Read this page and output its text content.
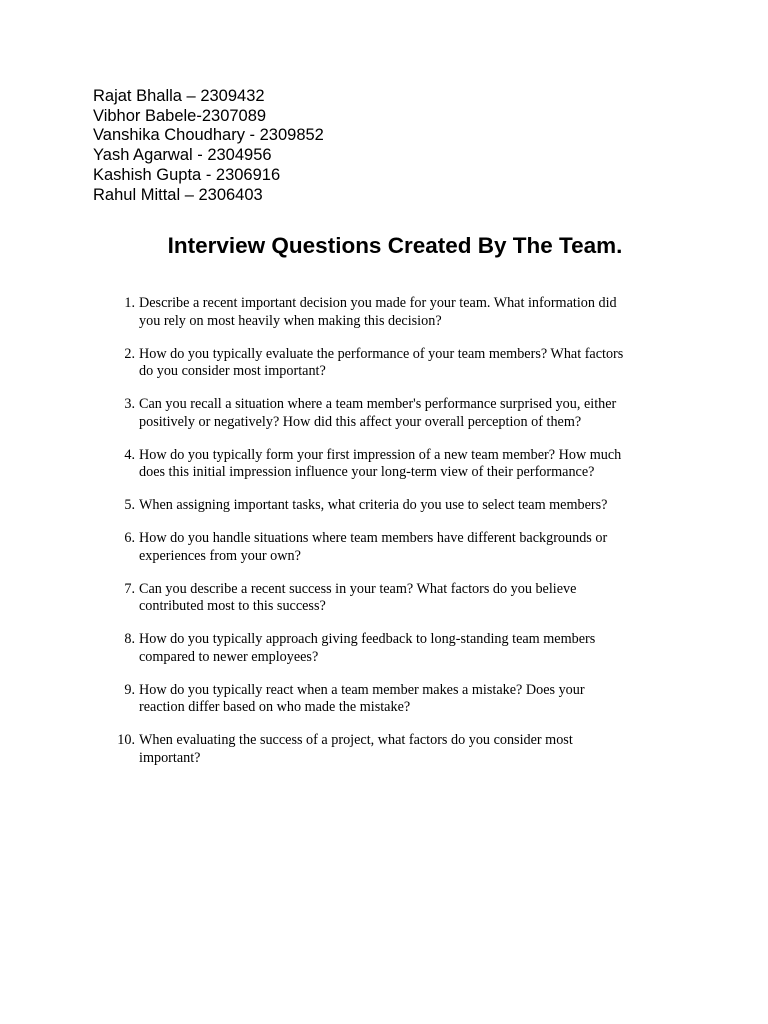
Rajat Bhalla – 2309432
Vibhor Babele-2307089
Vanshika Choudhary - 2309852
Yash Agarwal - 2304956
Kashish Gupta - 2306916
Rahul Mittal – 2306403
Interview Questions Created By The Team.
1. Describe a recent important decision you made for your team. What information did
you rely on most heavily when making this decision?
2. How do you typically evaluate the performance of your team members? What factors
do you consider most important?
3. Can you recall a situation where a team member's performance surprised you, either
positively or negatively? How did this affect your overall perception of them?
4. How do you typically form your first impression of a new team member? How much
does this initial impression influence your long-term view of their performance?
5. When assigning important tasks, what criteria do you use to select team members?
6. How do you handle situations where team members have different backgrounds or
experiences from your own?
7. Can you describe a recent success in your team? What factors do you believe
contributed most to this success?
8. How do you typically approach giving feedback to long-standing team members
compared to newer employees?
9. How do you typically react when a team member makes a mistake? Does your
reaction differ based on who made the mistake?
10. When evaluating the success of a project, what factors do you consider most
important?
